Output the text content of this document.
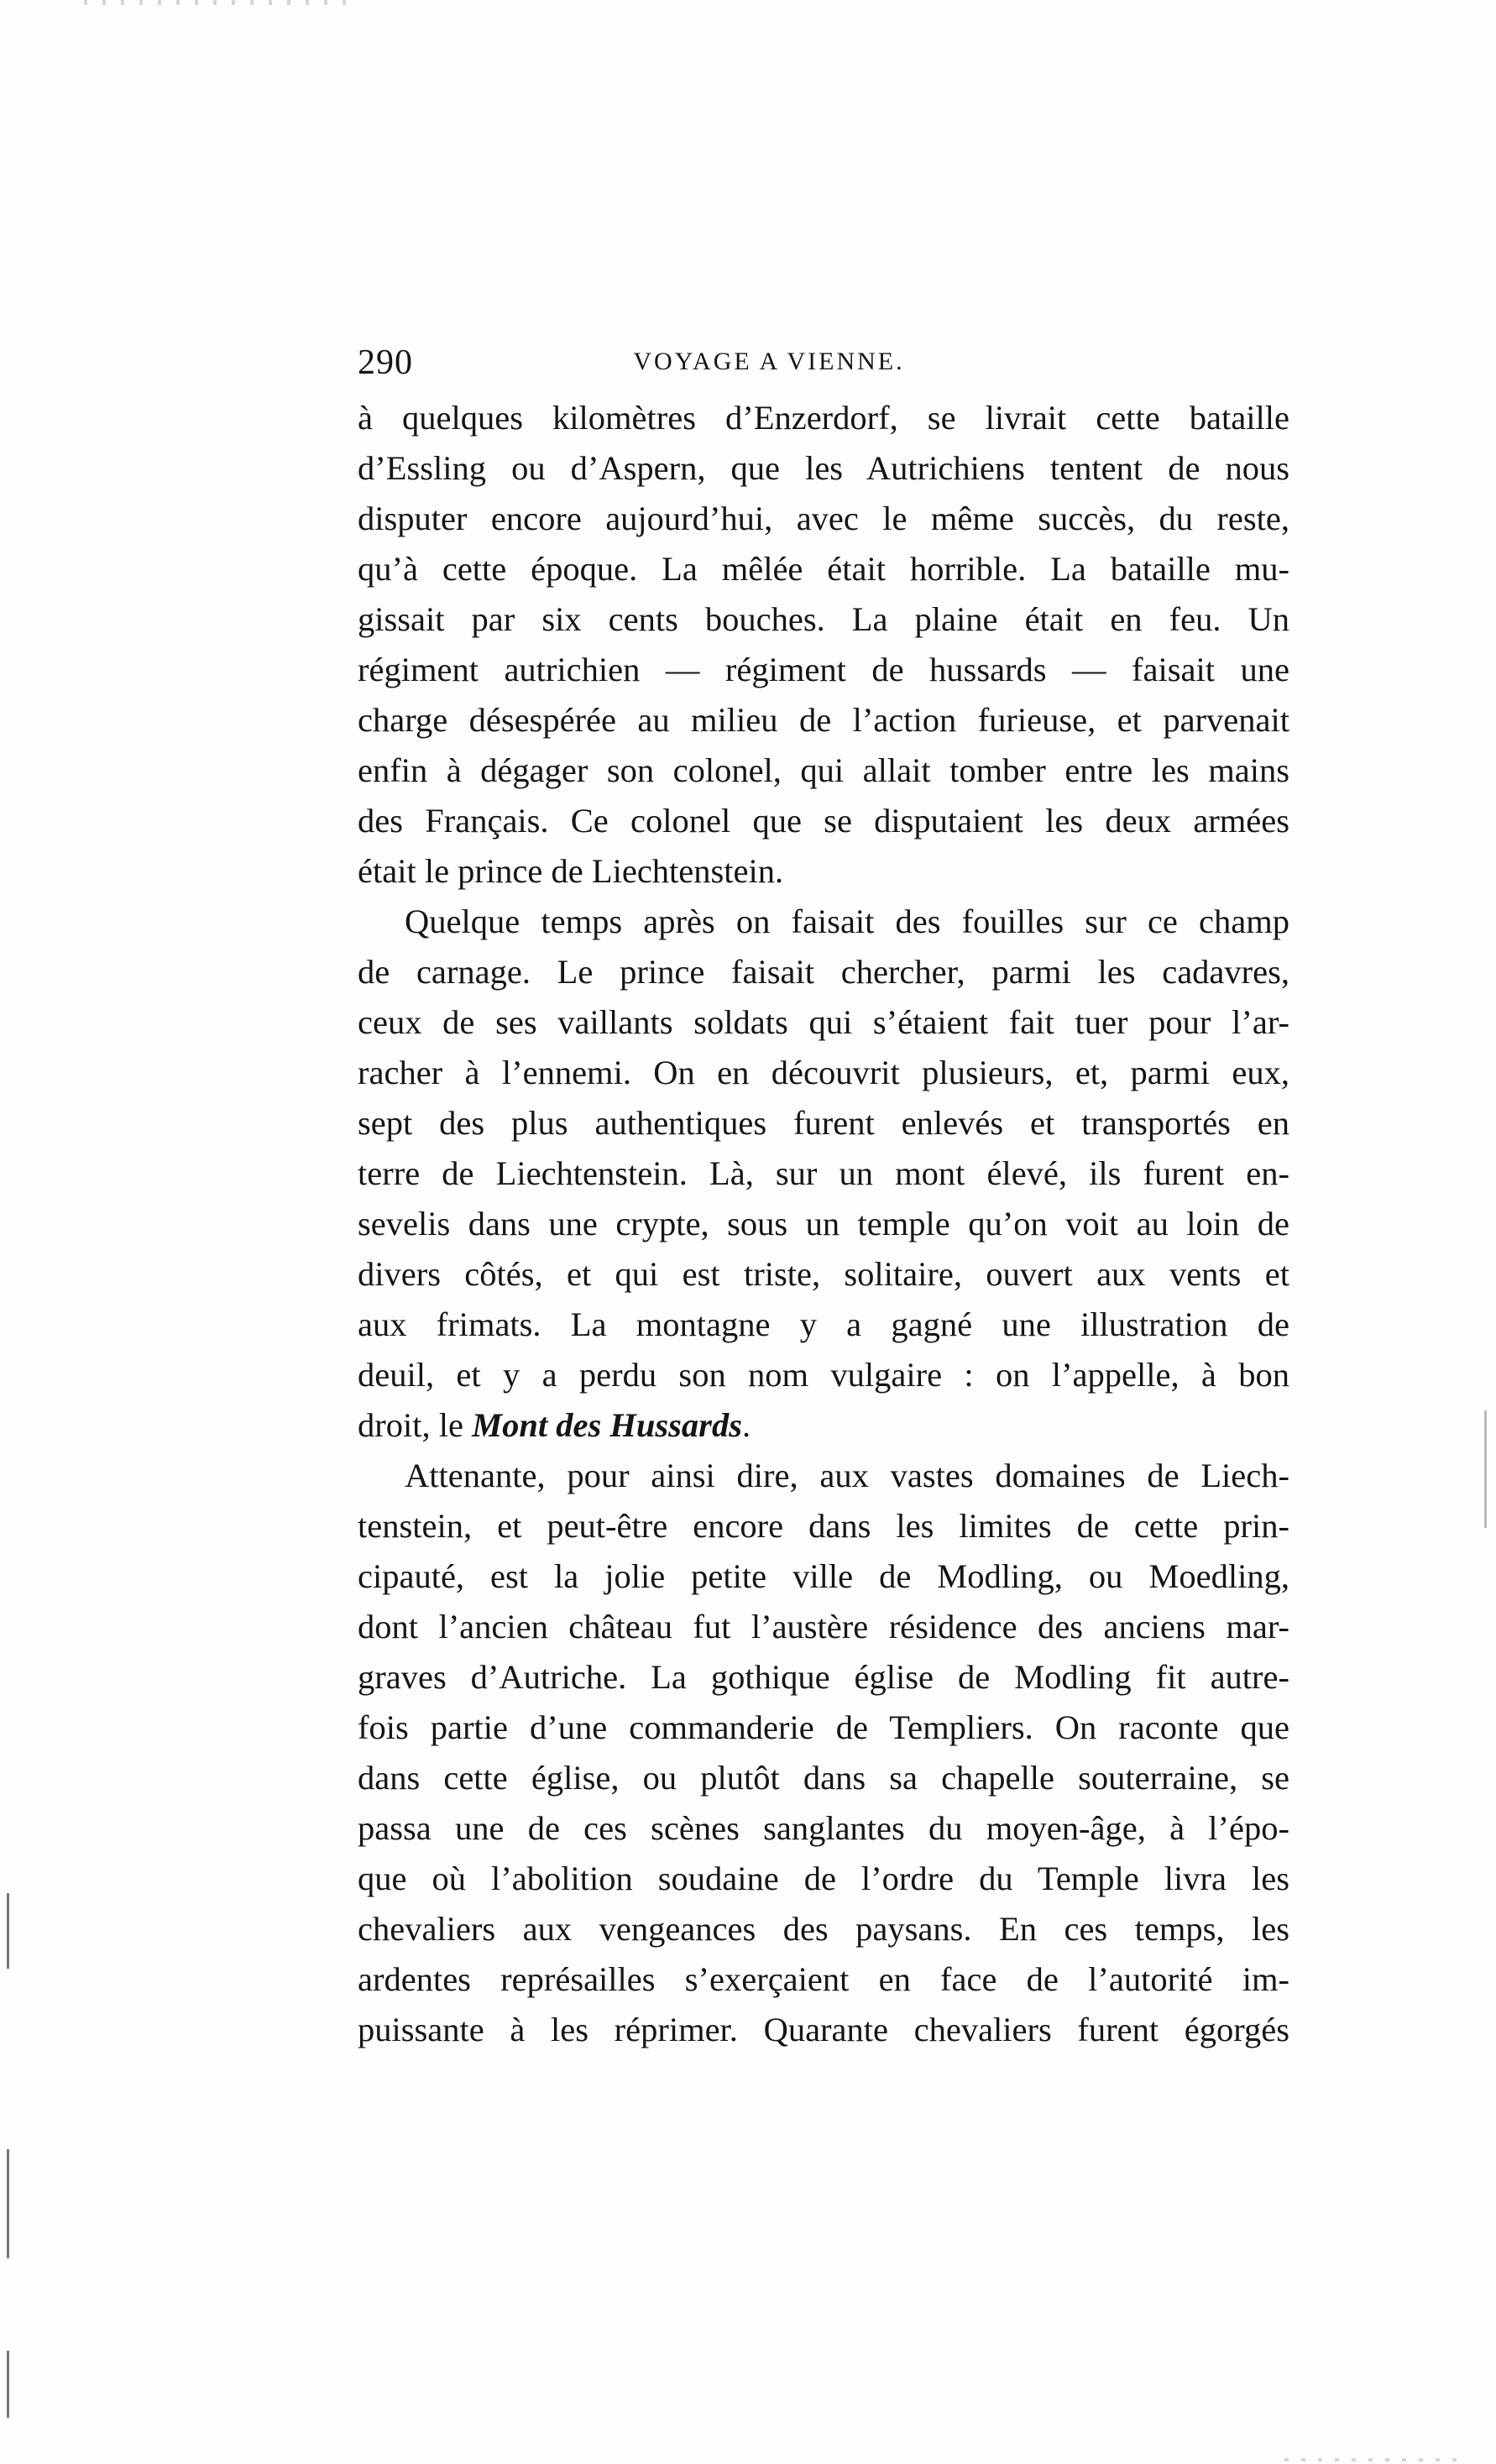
290	VOYAGE A VIENNE.
à quelques kilomètres d’Enzerdorf, se livrait cette bataille
d’Essling ou d’Aspern, que les Autrichiens tentent de nous
disputer encore aujourd’hui, avec le même succès, du reste,
qu’à cette époque. La mêlée était horrible. La bataille mu-
gissait par six cents bouches. La plaine était en feu. Un
régiment autrichien — régiment de hussards — faisait une
charge désespérée au milieu de l’action furieuse, et parvenait
enfin à dégager son colonel, qui allait tomber entre les mains
des Français. Ce colonel que se disputaient les deux armées
était le prince de Liechtenstein.
Quelque temps après on faisait des fouilles sur ce champ
de carnage. Le prince faisait chercher, parmi les cadavres,
ceux de ses vaillants soldats qui s’étaient fait tuer pour l’ar-
racher à l’ennemi. On en découvrit plusieurs, et, parmi eux,
sept des plus authentiques furent enlevés et transportés en
terre de Liechtenstein. Là, sur un mont élevé, ils furent en-
sevelis dans une crypte, sous un temple qu’on voit au loin de
divers côtés, et qui est triste, solitaire, ouvert aux vents et
aux frimats. La montagne y a gagné une illustration de
deuil, et y a perdu son nom vulgaire : on l’appelle, à bon
droit, le Mont des Hussards.
Attenante, pour ainsi dire, aux vastes domaines de Liech-
tenstein, et peut-être encore dans les limites de cette prin-
cipauté, est la jolie petite ville de Modling, ou Moedling,
dont l’ancien château fut l’austère résidence des anciens mar-
graves d’Autriche. La gothique église de Modling fit autre-
fois partie d’une commanderie de Templiers. On raconte que
dans cette église, ou plutôt dans sa chapelle souterraine, se
passa une de ces scènes sanglantes du moyen-âge, à l’épo-
que où l’abolition soudaine de l’ordre du Temple livra les
chevaliers aux vengeances des paysans. En ces temps, les
ardentes représailles s’exerçaient en face de l’autorité im-
puissante à les réprimer. Quarante chevaliers furent égorgés
